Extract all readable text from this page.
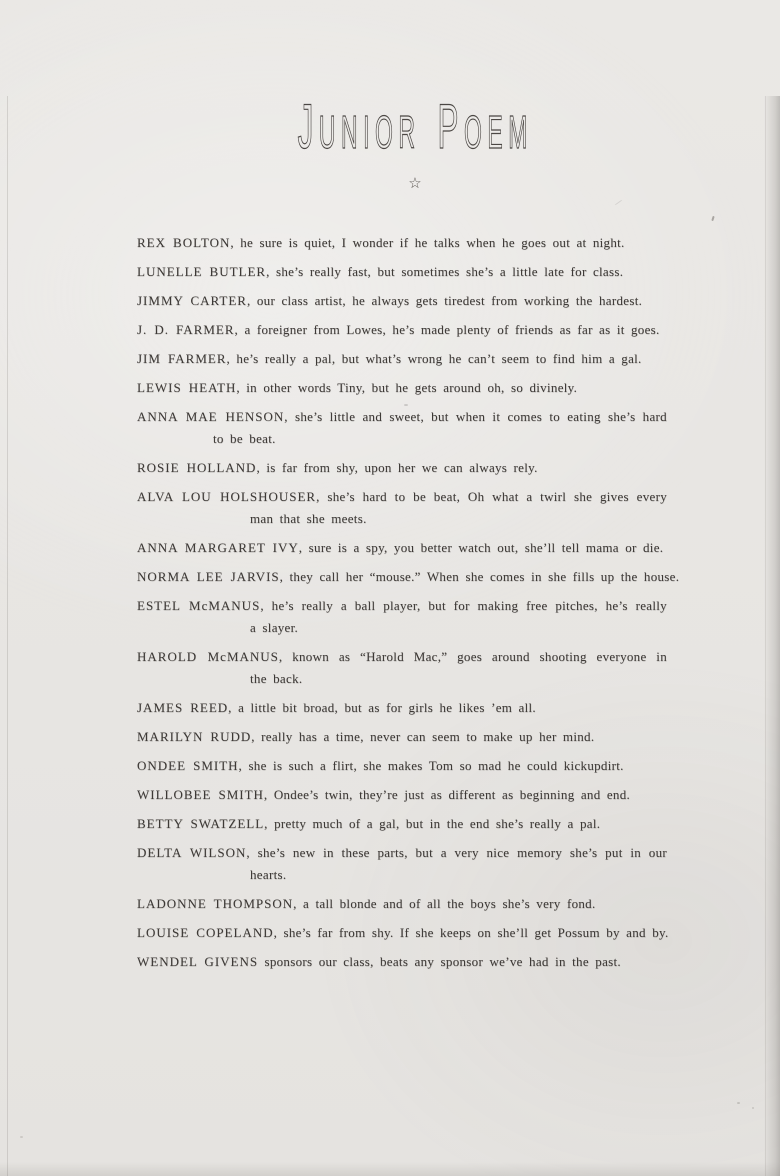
JUNIOR POEM
☆

REX BOLTON, he sure is quiet, I wonder if he talks when he goes out at night.

LUNELLE BUTLER, she’s really fast, but sometimes she’s a little late for class.

JIMMY CARTER, our class artist, he always gets tiredest from working the hardest.

J. D. FARMER, a foreigner from Lowes, he’s made plenty of friends as far as it goes.

JIM FARMER, he’s really a pal, but what’s wrong he can’t seem to find him a gal.

LEWIS HEATH, in other words Tiny, but he gets around oh, so divinely.

ANNA MAE HENSON, she’s little and sweet, but when it comes to eating she’s hard
to be beat.

ROSIE HOLLAND, is far from shy, upon her we can always rely.

ALVA LOU HOLSHOUSER, she’s hard to be beat, Oh what a twirl she gives every
man that she meets.

ANNA MARGARET IVY, sure is a spy, you better watch out, she’ll tell mama or die.

NORMA LEE JARVIS, they call her “mouse.” When she comes in she fills up the house.

ESTEL McMANUS, he’s really a ball player, but for making free pitches, he’s really
a slayer.

HAROLD McMANUS, known as “Harold Mac,” goes around shooting everyone in
the back.

JAMES REED, a little bit broad, but as for girls he likes ’em all.

MARILYN RUDD, really has a time, never can seem to make up her mind.

ONDEE SMITH, she is such a flirt, she makes Tom so mad he could kickupdirt.

WILLOBEE SMITH, Ondee’s twin, they’re just as different as beginning and end.

BETTY SWATZELL, pretty much of a gal, but in the end she’s really a pal.

DELTA WILSON, she’s new in these parts, but a very nice memory she’s put in our
hearts.

LADONNE THOMPSON, a tall blonde and of all the boys she’s very fond.

LOUISE COPELAND, she’s far from shy. If she keeps on she’ll get Possum by and by.

WENDEL GIVENS sponsors our class, beats any sponsor we’ve had in the past.
